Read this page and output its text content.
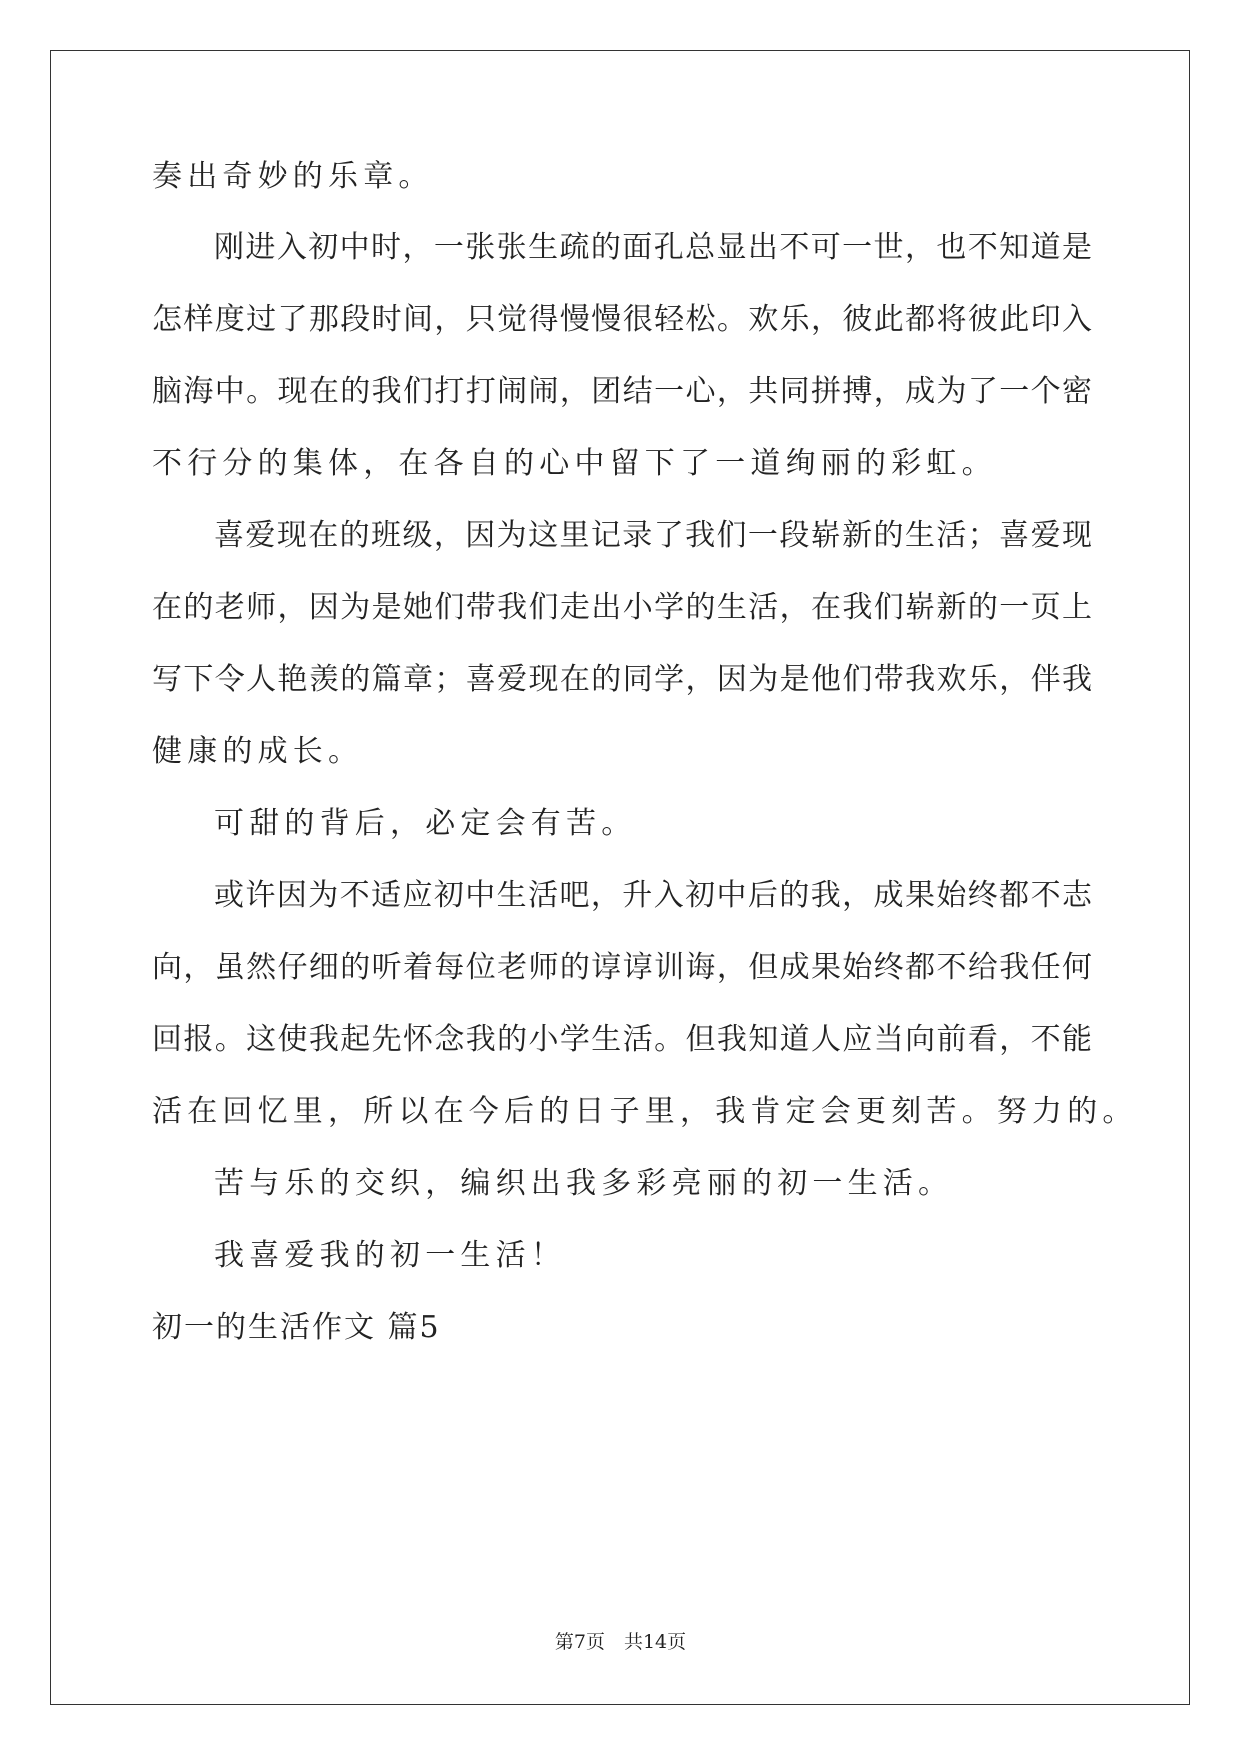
奏出奇妙的乐章。
刚进入初中时，一张张生疏的面孔总显出不可一世，也不知道是
怎样度过了那段时间，只觉得慢慢很轻松。欢乐，彼此都将彼此印入
脑海中。现在的我们打打闹闹，团结一心，共同拼搏，成为了一个密
不行分的集体，在各自的心中留下了一道绚丽的彩虹。
喜爱现在的班级，因为这里记录了我们一段崭新的生活；喜爱现
在的老师，因为是她们带我们走出小学的生活，在我们崭新的一页上
写下令人艳羡的篇章；喜爱现在的同学，因为是他们带我欢乐，伴我
健康的成长。
可甜的背后，必定会有苦。
或许因为不适应初中生活吧，升入初中后的我，成果始终都不志
向，虽然仔细的听着每位老师的谆谆训诲，但成果始终都不给我任何
回报。这使我起先怀念我的小学生活。但我知道人应当向前看，不能
活在回忆里，所以在今后的日子里，我肯定会更刻苦。努力的。
苦与乐的交织，编织出我多彩亮丽的初一生活。
我喜爱我的初一生活！
初一的生活作文 篇5
第7页　共14页
